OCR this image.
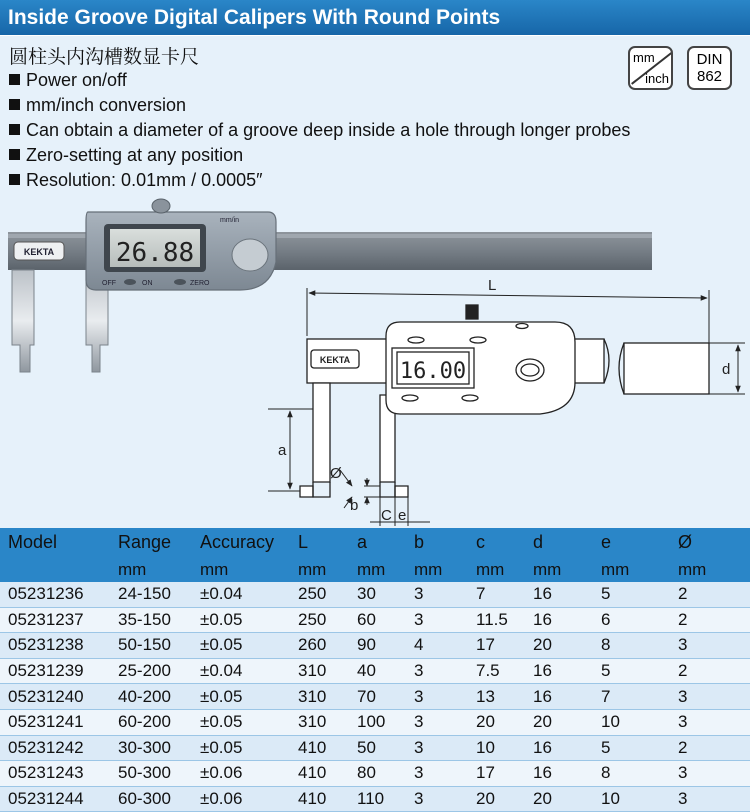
Inside Groove Digital Calipers With Round Points
圆柱头内沟槽数显卡尺
Power on/off
mm/inch conversion
Can obtain a diameter of a groove deep inside a hole through longer probes
Zero-setting at any position
Resolution: 0.01mm / 0.0005″
mm
inch
DIN
862
KEKTA 26.88
mm/in
OFF	ON	ZERO
KEKTA 16.00
L
d
a
Ø
b
C e
Model	Range	Accuracy	L	a	b	c	d	e	Ø
	mm	mm	mm	mm	mm	mm	mm	mm	mm
05231236	24-150	±0.04	250	30	3	7	16	5	2
05231237	35-150	±0.05	250	60	3	11.5	16	6	2
05231238	50-150	±0.05	260	90	4	17	20	8	3
05231239	25-200	±0.04	310	40	3	7.5	16	5	2
05231240	40-200	±0.05	310	70	3	13	16	7	3
05231241	60-200	±0.05	310	100	3	20	20	10	3
05231242	30-300	±0.05	410	50	3	10	16	5	2
05231243	50-300	±0.06	410	80	3	17	16	8	3
05231244	60-300	±0.06	410	110	3	20	20	10	3
